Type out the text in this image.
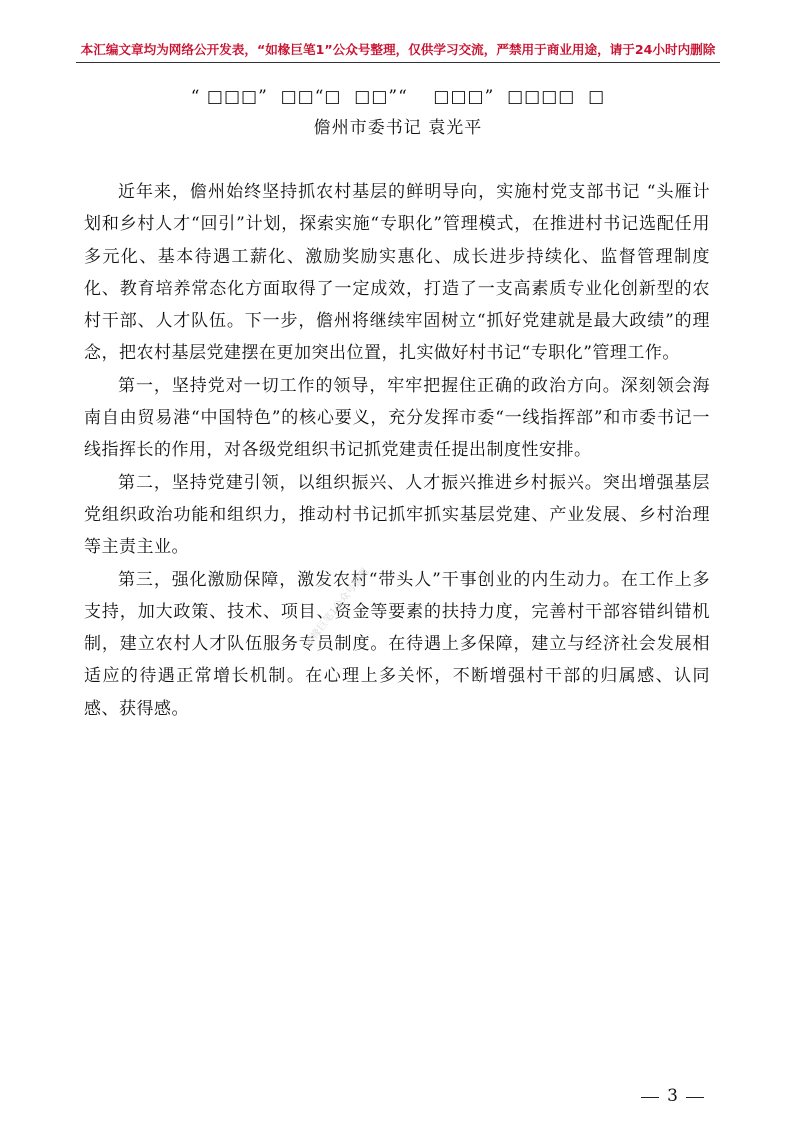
本汇编文章均为网络公开发表，“如椽巨笔1”公众号整理，仅供学习交流，严禁用于商业用途，请于24小时内删除
“ □□□”  □□“□  □□”“    □□□”  □□□□  □
儋州市委书记 袁光平

近年来，儋州始终坚持抓农村基层的鲜明导向，实施村党支部书记 “头雁计划和乡村人才“回引”计划，探索实施“专职化”管理模式，在推进村书记选配任用多元化、基本待遇工薪化、激励奖励实惠化、成长进步持续化、监督管理制度化、教育培养常态化方面取得了一定成效，打造了一支高素质专业化创新型的农村干部、人才队伍。下一步，儋州将继续牢固树立“抓好党建就是最大政绩”的理念，把农村基层党建摆在更加突出位置，扎实做好村书记“专职化”管理工作。

第一，坚持党对一切工作的领导，牢牢把握住正确的政治方向。深刻领会海南自由贸易港“中国特色”的核心要义，充分发挥市委“一线指挥部”和市委书记一线指挥长的作用，对各级党组织书记抓党建责任提出制度性安排。

第二，坚持党建引领，以组织振兴、人才振兴推进乡村振兴。突出增强基层党组织政治功能和组织力，推动村书记抓牢抓实基层党建、产业发展、乡村治理等主责主业。

第三，强化激励保障，激发农村“带头人”干事创业的内生动力。在工作上多支持，加大政策、技术、项目、资金等要素的扶持力度，完善村干部容错纠错机制，建立农村人才队伍服务专员制度。在待遇上多保障，建立与经济社会发展相适应的待遇正常增长机制。在心理上多关怀，不断增强村干部的归属感、认同感、获得感。

如椽巨笔1公众号整理
3
